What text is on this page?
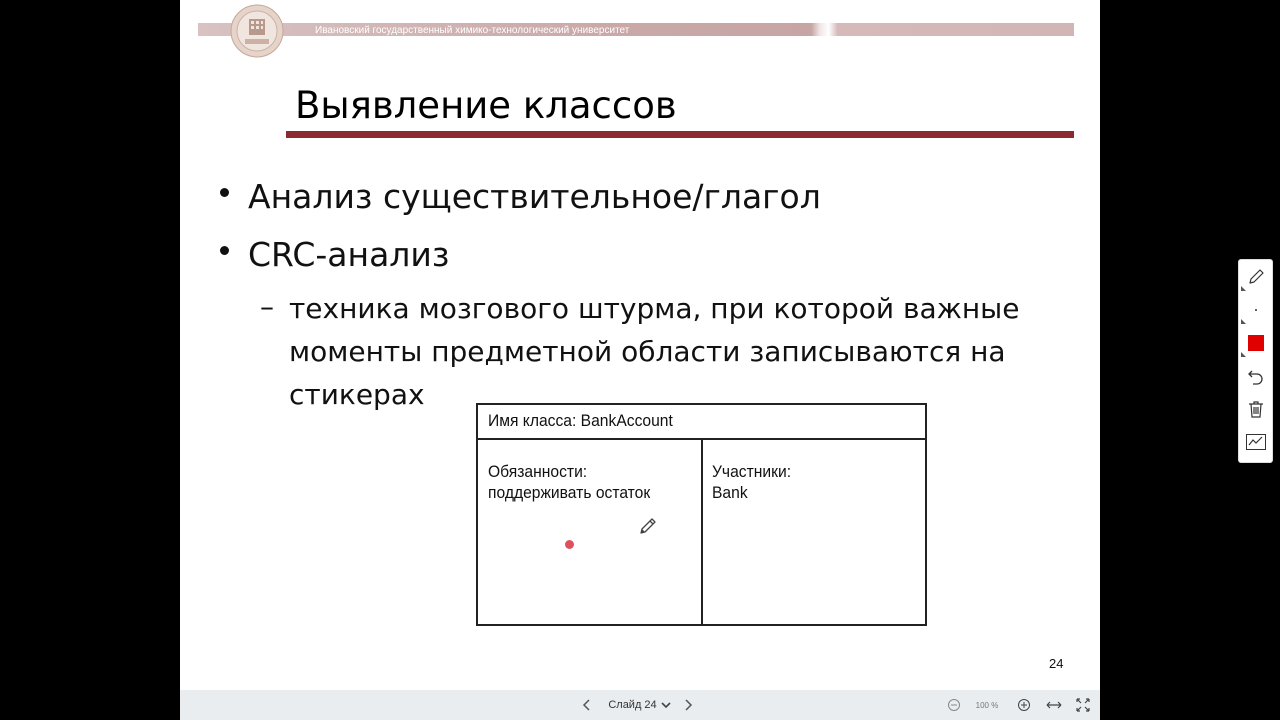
Ивановский государственный химико-технологический университет
Выявление классов
Анализ существительное/глагол
CRC-анализ
– техника мозгового штурма, при которой важные моменты предметной области записываются на стикерах
Имя класса: BankAccount
Обязанности:
поддерживать остаток
Участники:
Bank
24
Слайд 24	100 %
